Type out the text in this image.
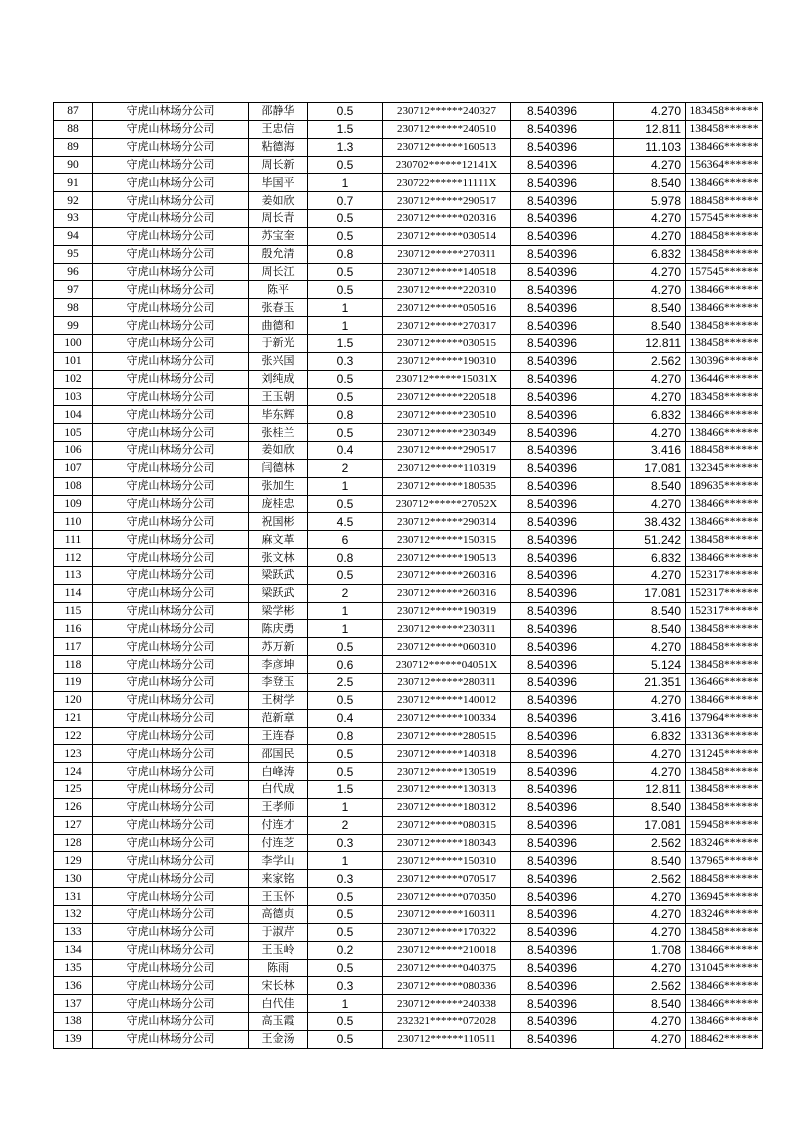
87	守虎山林场分公司	邵静华	0.5	230712******240327	8.540396	4.270	183458******
88	守虎山林场分公司	王忠信	1.5	230712******240510	8.540396	12.811	138458******
89	守虎山林场分公司	粘德海	1.3	230712******160513	8.540396	11.103	138466******
90	守虎山林场分公司	周长新	0.5	230702******12141X	8.540396	4.270	156364******
91	守虎山林场分公司	毕国平	1	230722******11111X	8.540396	8.540	138466******
92	守虎山林场分公司	姜如欣	0.7	230712******290517	8.540396	5.978	188458******
93	守虎山林场分公司	周长青	0.5	230712******020316	8.540396	4.270	157545******
94	守虎山林场分公司	苏宝奎	0.5	230712******030514	8.540396	4.270	188458******
95	守虎山林场分公司	殷允清	0.8	230712******270311	8.540396	6.832	138458******
96	守虎山林场分公司	周长江	0.5	230712******140518	8.540396	4.270	157545******
97	守虎山林场分公司	陈平	0.5	230712******220310	8.540396	4.270	138466******
98	守虎山林场分公司	张春玉	1	230712******050516	8.540396	8.540	138466******
99	守虎山林场分公司	曲德和	1	230712******270317	8.540396	8.540	138458******
100	守虎山林场分公司	于新光	1.5	230712******030515	8.540396	12.811	138458******
101	守虎山林场分公司	张兴国	0.3	230712******190310	8.540396	2.562	130396******
102	守虎山林场分公司	刘纯成	0.5	230712******15031X	8.540396	4.270	136446******
103	守虎山林场分公司	王玉朝	0.5	230712******220518	8.540396	4.270	183458******
104	守虎山林场分公司	毕东辉	0.8	230712******230510	8.540396	6.832	138466******
105	守虎山林场分公司	张桂兰	0.5	230712******230349	8.540396	4.270	138466******
106	守虎山林场分公司	姜如欣	0.4	230712******290517	8.540396	3.416	188458******
107	守虎山林场分公司	闫德林	2	230712******110319	8.540396	17.081	132345******
108	守虎山林场分公司	张加生	1	230712******180535	8.540396	8.540	189635******
109	守虎山林场分公司	庞桂忠	0.5	230712******27052X	8.540396	4.270	138466******
110	守虎山林场分公司	祝国彬	4.5	230712******290314	8.540396	38.432	138466******
111	守虎山林场分公司	麻文革	6	230712******150315	8.540396	51.242	138458******
112	守虎山林场分公司	张文林	0.8	230712******190513	8.540396	6.832	138466******
113	守虎山林场分公司	梁跃武	0.5	230712******260316	8.540396	4.270	152317******
114	守虎山林场分公司	梁跃武	2	230712******260316	8.540396	17.081	152317******
115	守虎山林场分公司	梁学彬	1	230712******190319	8.540396	8.540	152317******
116	守虎山林场分公司	陈庆勇	1	230712******230311	8.540396	8.540	138458******
117	守虎山林场分公司	苏万新	0.5	230712******060310	8.540396	4.270	188458******
118	守虎山林场分公司	李彦坤	0.6	230712******04051X	8.540396	5.124	138458******
119	守虎山林场分公司	李登玉	2.5	230712******280311	8.540396	21.351	136466******
120	守虎山林场分公司	王树学	0.5	230712******140012	8.540396	4.270	138466******
121	守虎山林场分公司	范新章	0.4	230712******100334	8.540396	3.416	137964******
122	守虎山林场分公司	王连春	0.8	230712******280515	8.540396	6.832	133136******
123	守虎山林场分公司	邵国民	0.5	230712******140318	8.540396	4.270	131245******
124	守虎山林场分公司	白峰涛	0.5	230712******130519	8.540396	4.270	138458******
125	守虎山林场分公司	白代成	1.5	230712******130313	8.540396	12.811	138458******
126	守虎山林场分公司	王孝师	1	230712******180312	8.540396	8.540	138458******
127	守虎山林场分公司	付连才	2	230712******080315	8.540396	17.081	159458******
128	守虎山林场分公司	付连芝	0.3	230712******180343	8.540396	2.562	183246******
129	守虎山林场分公司	李学山	1	230712******150310	8.540396	8.540	137965******
130	守虎山林场分公司	来家铭	0.3	230712******070517	8.540396	2.562	188458******
131	守虎山林场分公司	王玉怀	0.5	230712******070350	8.540396	4.270	136945******
132	守虎山林场分公司	高德贞	0.5	230712******160311	8.540396	4.270	183246******
133	守虎山林场分公司	于淑芹	0.5	230712******170322	8.540396	4.270	138458******
134	守虎山林场分公司	王玉岭	0.2	230712******210018	8.540396	1.708	138466******
135	守虎山林场分公司	陈雨	0.5	230712******040375	8.540396	4.270	131045******
136	守虎山林场分公司	宋长林	0.3	230712******080336	8.540396	2.562	138466******
137	守虎山林场分公司	白代佳	1	230712******240338	8.540396	8.540	138466******
138	守虎山林场分公司	高玉霞	0.5	232321******072028	8.540396	4.270	138466******
139	守虎山林场分公司	王金汤	0.5	230712******110511	8.540396	4.270	188462******
